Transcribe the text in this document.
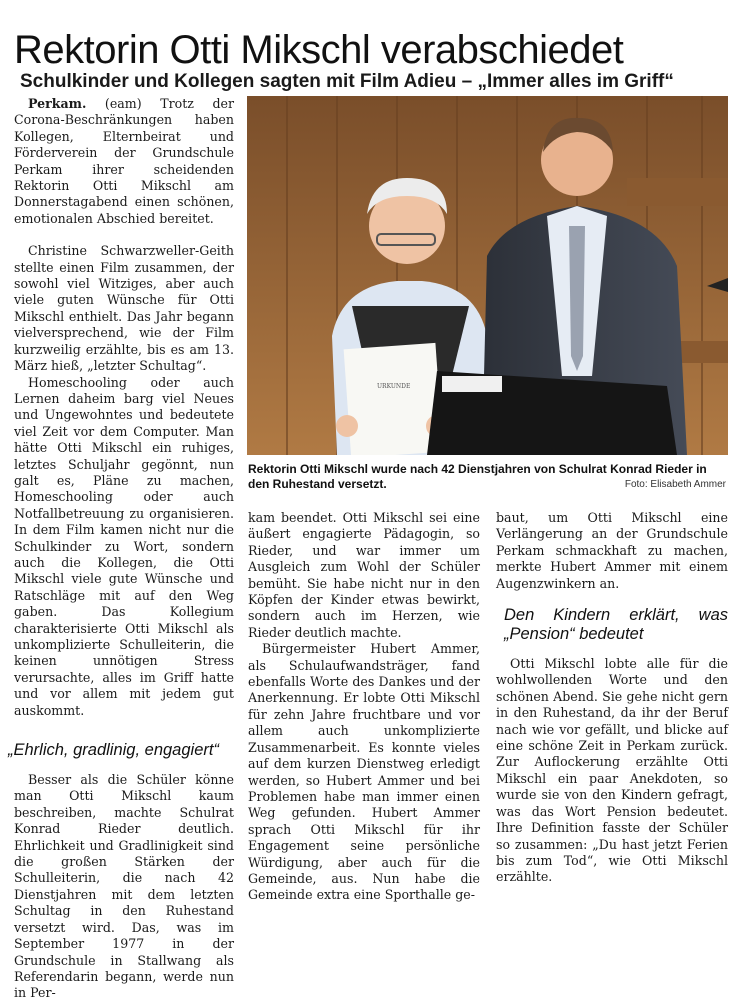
Rektorin Otti Mikschl verabschiedet
Schulkinder und Kollegen sagten mit Film Adieu – „Immer alles im Griff“

Perkam. (eam) Trotz der Corona-Beschränkungen haben Kollegen, Elternbeirat und Förderverein der Grundschule Perkam ihrer scheidenden Rektorin Otti Mikschl am Donnerstagabend einen schönen, emotionalen Abschied bereitet.

Christine Schwarzweller-Geith stellte einen Film zusammen, der sowohl viel Witziges, aber auch viele guten Wünsche für Otti Mikschl enthielt. Das Jahr begann vielversprechend, wie der Film kurzweilig erzählte, bis es am 13. März hieß, „letzter Schultag“.

Homeschooling oder auch Lernen daheim barg viel Neues und Ungewohntes und bedeutete viel Zeit vor dem Computer. Man hätte Otti Mikschl ein ruhiges, letztes Schuljahr gegönnt, nun galt es, Pläne zu machen, Homeschooling oder auch Notfallbetreuung zu organisieren. In dem Film kamen nicht nur die Schulkinder zu Wort, sondern auch die Kollegen, die Otti Mikschl viele gute Wünsche und Ratschläge mit auf den Weg gaben. Das Kollegium charakterisierte Otti Mikschl als unkomplizierte Schulleiterin, die keinen unnötigen Stress verursachte, alles im Griff hatte und vor allem mit jedem gut auskommt.

„Ehrlich, gradlinig, engagiert“

Besser als die Schüler könne man Otti Mikschl kaum beschreiben, machte Schulrat Konrad Rieder deutlich. Ehrlichkeit und Gradlinigkeit sind die großen Stärken der Schulleiterin, die nach 42 Dienstjahren mit dem letzten Schultag in den Ruhestand versetzt wird. Das, was im September 1977 in der Grundschule in Stallwang als Referendarin begann, werde nun in Per-

URKUNDE
Rektorin Otti Mikschl wurde nach 42 Dienstjahren von Schulrat Konrad Rieder in den Ruhestand versetzt.	Foto: Elisabeth Ammer

kam beendet. Otti Mikschl sei eine äußert engagierte Pädagogin, so Rieder, und war immer um Ausgleich zum Wohl der Schüler bemüht. Sie habe nicht nur in den Köpfen der Kinder etwas bewirkt, sondern auch im Herzen, wie Rieder deutlich machte.

Bürgermeister Hubert Ammer, als Schulaufwandsträger, fand ebenfalls Worte des Dankes und der Anerkennung. Er lobte Otti Mikschl für zehn Jahre fruchtbare und vor allem auch unkomplizierte Zusammenarbeit. Es konnte vieles auf dem kurzen Dienstweg erledigt werden, so Hubert Ammer und bei Problemen habe man immer einen Weg gefunden. Hubert Ammer sprach Otti Mikschl für ihr Engagement seine persönliche Würdigung, aber auch für die Gemeinde, aus. Nun habe die Gemeinde extra eine Sporthalle ge-

baut, um Otti Mikschl eine Verlängerung an der Grundschule Perkam schmackhaft zu machen, merkte Hubert Ammer mit einem Augenzwinkern an.

Den Kindern erklärt, was „Pension“ bedeutet

Otti Mikschl lobte alle für die wohlwollenden Worte und den schönen Abend. Sie gehe nicht gern in den Ruhestand, da ihr der Beruf nach wie vor gefällt, und blicke auf eine schöne Zeit in Perkam zurück. Zur Auflockerung erzählte Otti Mikschl ein paar Anekdoten, so wurde sie von den Kindern gefragt, was das Wort Pension bedeutet. Ihre Definition fasste der Schüler so zusammen: „Du hast jetzt Ferien bis zum Tod“, wie Otti Mikschl erzählte.
